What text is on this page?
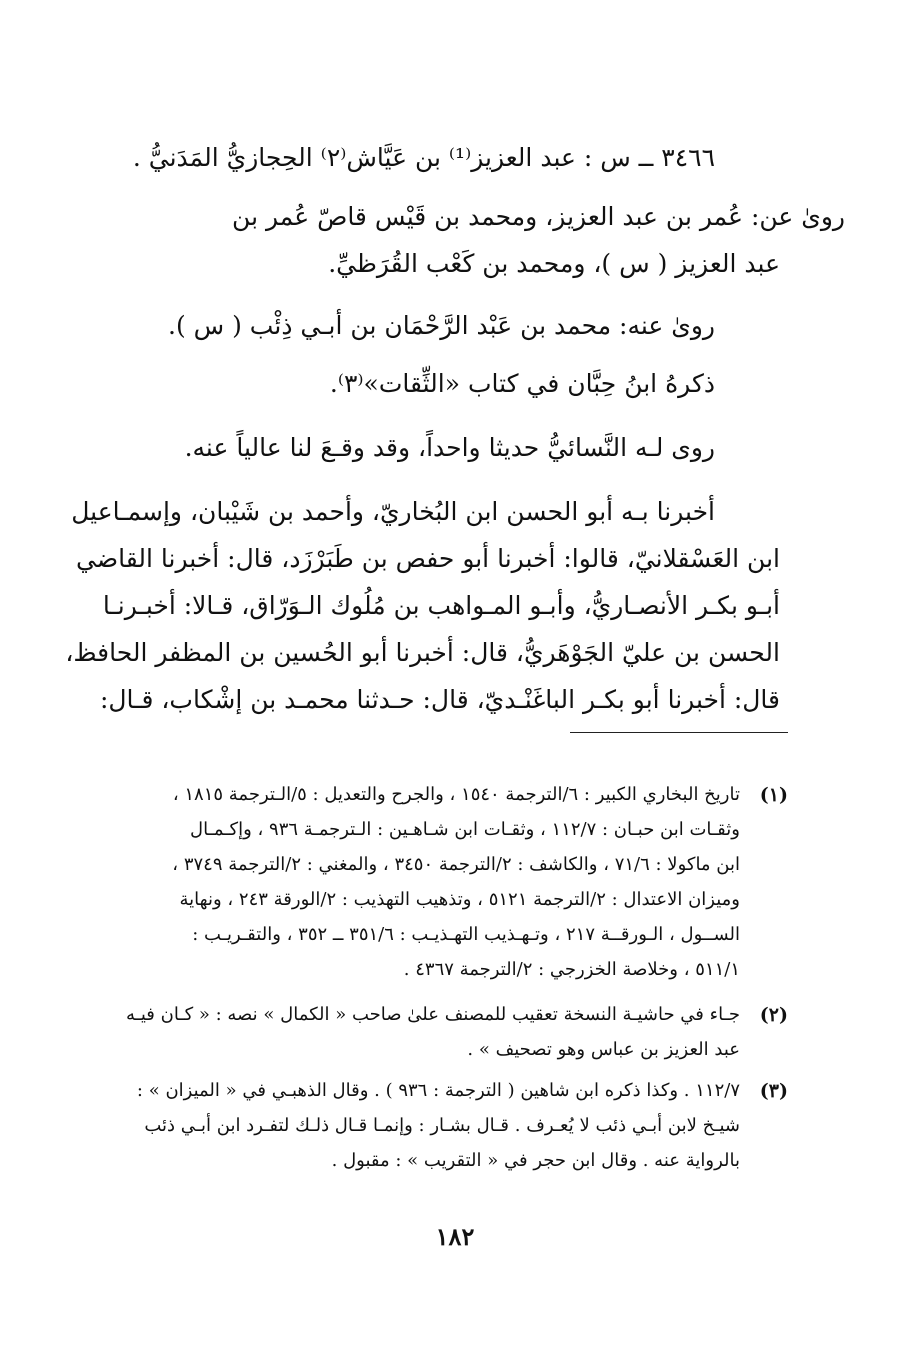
٣٤٦٦ ــ س : عبد العزيز⁽¹⁾ بن عَيَّاش⁽٢⁾ الحِجازيُّ المَدَنيُّ .
روىٰ عن: عُمر بن عبد العزيز، ومحمد بن قَيْس قاصّ عُمر بن
عبد العزيز ( س )، ومحمد بن كَعْب القُرَظيِّ.
روىٰ عنه: محمد بن عَبْد الرَّحْمَان بن أبـي ذِئْب ( س ).
ذكرهُ ابنُ حِبَّان في كتاب «الثِّقات»⁽٣⁾.
روى لـه النَّسائيُّ حديثا واحداً، وقد وقـعَ لنا عالياً عنه.
أخبرنا بـه أبو الحسن ابن البُخاريّ، وأحمد بن شَيْبان، وإسمـاعيل
ابن العَسْقلانيّ، قالوا: أخبرنا أبو حفص بن طَبَرْزَد، قال: أخبرنا القاضي
أبـو بكـر الأنصـاريُّ، وأبـو المـواهب بن مُلُوك الـوَرّاق، قـالا: أخبـرنـا
الحسن بن عليّ الجَوْهَريُّ، قال: أخبرنا أبو الحُسين بن المظفر الحافظ،
قال: أخبرنا أبو بكـر الباغَنْـديّ، قال: حـدثنا محمـد بن إشْكاب، قـال:
(١)
تاريخ البخاري الكبير : ٦/الترجمة ١٥٤٠ ، والجرح والتعديل : ٥/الـترجمة ١٨١٥ ،
وثقـات ابن حبـان : ١١٢/٧ ، وثقـات ابن شـاهـين : الـترجمـة ٩٣٦ ، وإكـمـال
ابن ماكولا : ٧١/٦ ، والكاشف : ٢/الترجمة ٣٤٥٠ ، والمغني : ٢/الترجمة ٣٧٤٩ ،
وميزان الاعتدال : ٢/الترجمة ٥١٢١ ، وتذهيب التهذيب : ٢/الورقة ٢٤٣ ، ونهاية
الســول ، الـورقــة ٢١٧ ، وتـهـذيب التهـذيـب : ٣٥١/٦ ــ ٣٥٢ ، والتقـريـب :
٥١١/١ ، وخلاصة الخزرجي : ٢/الترجمة ٤٣٦٧ .
(٢)
جـاء في حاشيـة النسخة تعقيب للمصنف علىٰ صاحب « الكمال » نصه : « كـان فيـه
عبد العزيز بن عباس وهو تصحيف » .
(٣)
١١٢/٧ . وكذا ذكره ابن شاهين ( الترجمة : ٩٣٦ ) . وقال الذهبـي في « الميزان » :
شيـخ لابن أبـي ذئب لا يُعـرف . قـال بشـار : وإنمـا قـال ذلـك لتفـرد ابن أبـي ذئب
بالرواية عنه . وقال ابن حجر في « التقريب » : مقبول .
١٨٢
